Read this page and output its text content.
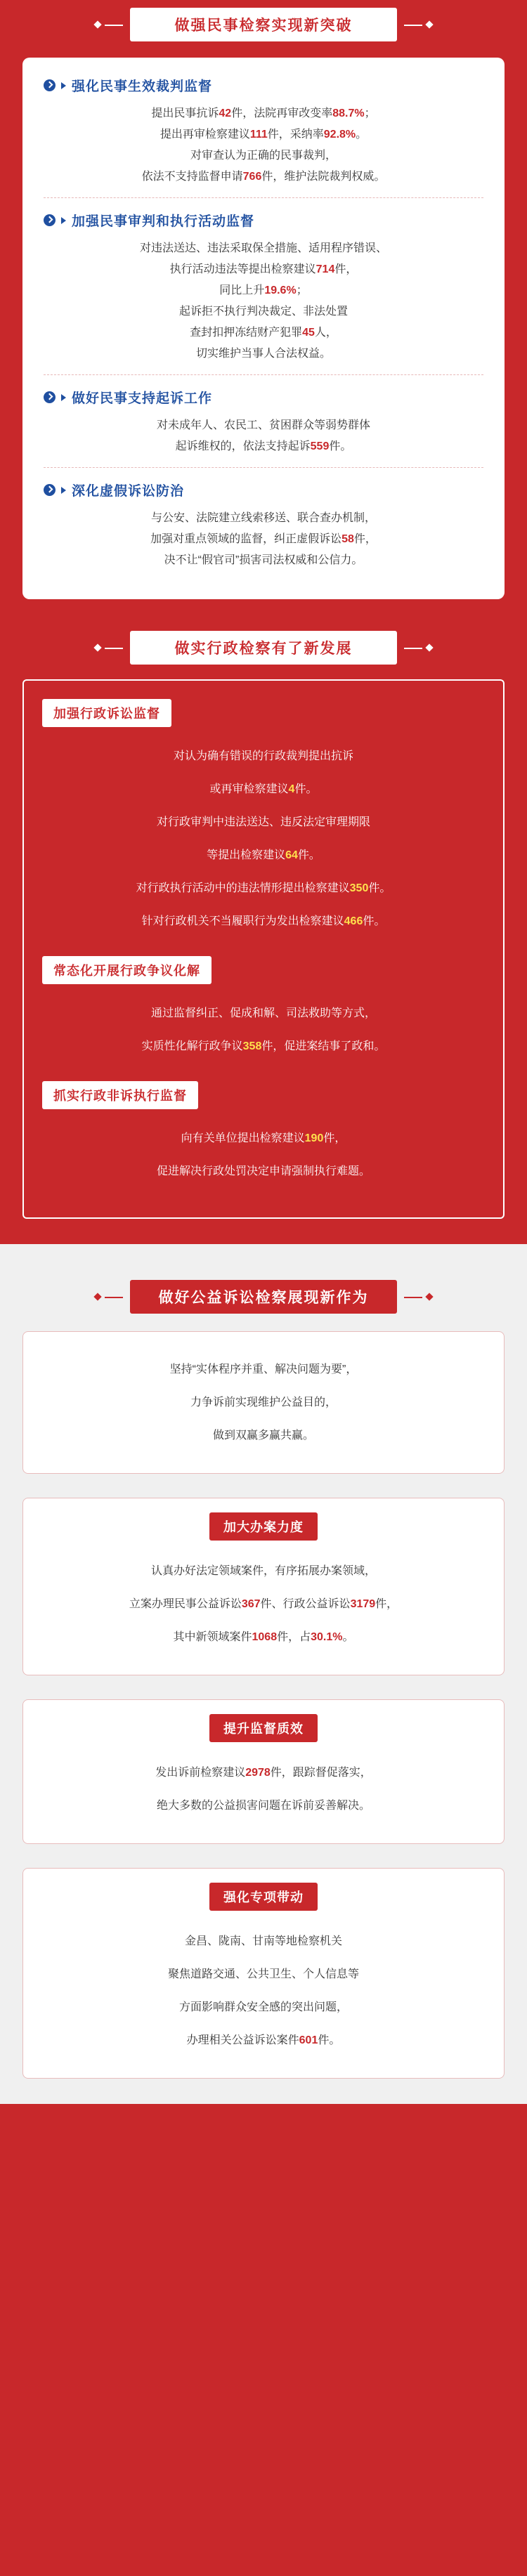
做强民事检察实现新突破
强化民事生效裁判监督

提出民事抗诉42件，法院再审改变率88.7%；

提出再审检察建议111件，采纳率92.8%。

对审查认为正确的民事裁判，

依法不支持监督申请766件，维护法院裁判权威。

加强民事审判和执行活动监督

对违法送达、违法采取保全措施、适用程序错误、

执行活动违法等提出检察建议714件，

同比上升19.6%；

起诉拒不执行判决裁定、非法处置

查封扣押冻结财产犯罪45人，

切实维护当事人合法权益。

做好民事支持起诉工作

对未成年人、农民工、贫困群众等弱势群体

起诉维权的，依法支持起诉559件。

深化虚假诉讼防治

与公安、法院建立线索移送、联合查办机制，

加强对重点领域的监督，纠正虚假诉讼58件，

决不让“假官司”损害司法权威和公信力。

做实行政检察有了新发展
加强行政诉讼监督

对认为确有错误的行政裁判提出抗诉

或再审检察建议4件。

对行政审判中违法送达、违反法定审理期限

等提出检察建议64件。

对行政执行活动中的违法情形提出检察建议350件。

针对行政机关不当履职行为发出检察建议466件。

常态化开展行政争议化解

通过监督纠正、促成和解、司法救助等方式，

实质性化解行政争议358件，促进案结事了政和。

抓实行政非诉执行监督

向有关单位提出检察建议190件，

促进解决行政处罚决定申请强制执行难题。

做好公益诉讼检察展现新作为

坚持“实体程序并重、解决问题为要”，

力争诉前实现维护公益目的，

做到双赢多赢共赢。

加大办案力度

认真办好法定领域案件，有序拓展办案领域，

立案办理民事公益诉讼367件、行政公益诉讼3179件，

其中新领域案件1068件，占30.1%。

提升监督质效

发出诉前检察建议2978件，跟踪督促落实，

绝大多数的公益损害问题在诉前妥善解决。

强化专项带动

金昌、陇南、甘南等地检察机关

聚焦道路交通、公共卫生、个人信息等

方面影响群众安全感的突出问题，

办理相关公益诉讼案件601件。
